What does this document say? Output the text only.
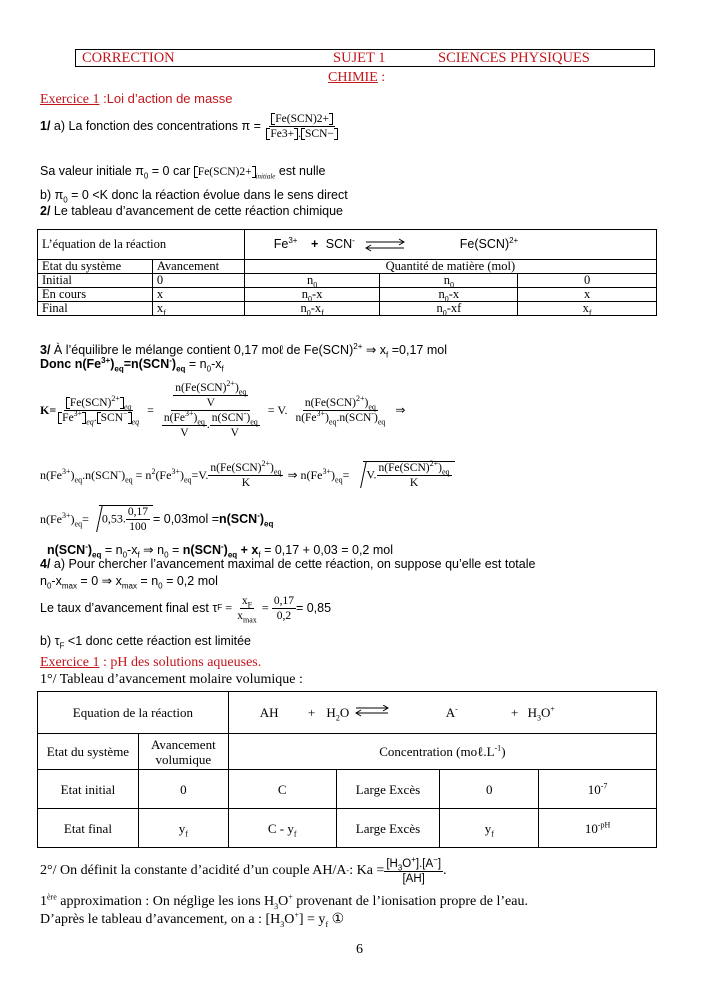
CORRECTION	SUJET 1	SCIENCES PHYSIQUES
CHIMIE :
Exercice 1 :Loi d’action de masse
1/ a) La fonction des concentrations $\pi = \frac{\text{Fe(SCN)2+}}{\text{Fe3+ . SCN−}}$
Sa valeur initiale $\pi_0 = 0$ car Fe(SCN)2+ $_{initiale}$ est nulle
b) $\pi_0 = 0 <K$ donc la réaction évolue dans le sens direct
2/ Le tableau d’avancement de cette réaction chimique
L’équation de la réaction		$Fe^{3+} + SCN^-$ ⇌ Fe(SCN)$^{2+}$
Etat du système	Avancement	Quantité de matière (mol)		
Initial	0	$n_0$	$n_0$	0
En cours	x	$n_0-x$	$n_0-x$	x
Final	$x_f$	$n_0-x_f$	$n_0-xf$	$x_f$
3/ À l’équilibre le mélange contient 0,17 moℓ de Fe(SCN)$^{2+}$ ⇒ $x_f =0,17$ mol
Donc $n(Fe^{3+})_{eq}=n(SCN^-)_{eq} = n_0-x_f$
$K= \frac{Fe(SCN)^{2+}_{eq}}{Fe^{3+}_{eq}. SCN^-_{eq}} = \frac{\frac{n(Fe(SCN)^{2+})_{eq}}{V}}{\frac{n(Fe^{3+})_{eq}}{V} . \frac{n(SCN^-)_{eq}}{V}} = V$. $\frac{n(Fe(SCN)^{2+})_{eq}}{n(Fe^{3+})_{eq}.n(SCN^-)_{eq}}$ ⇒
$n(Fe^{3+})_{eq}.n(SCN^-)_{eq} = n^2(Fe^{3+})_{eq}=V$. $\frac{n(Fe(SCN)^{2+})_{eq}}{K}$ ⇒ $n(Fe^{3+})_{eq}= V$. $\frac{n(Fe(SCN)^{2+})_{eq}}{K}$
$n(Fe^{3+})_{eq}= 0,53$. $\frac{0,17}{100} = 0,03mol = n(SCN$ $^-)_{eq}$
$n(SCN^-)_{eq} = n_0-x_f$ ⇒ $n_0 = n(SCN^-)_{eq} + x_f = 0,17 + 0,03 = 0,2$ mol
4/ a) Pour chercher l’avancement maximal de cette réaction, on suppose qu’elle est totale
$n_0-x_{max} = 0$ ⇒ $x_{max} = n_0 = 0,2$ mol
Le taux d’avancement final est τ $F = \frac{x_F}{x_{max}} = \frac{0,17}{0,2} = 0,85$
b) $\tau_F <1$ donc cette réaction est limitée
Exercice 1 : pH des solutions aqueuses.
1°/ Tableau d’avancement molaire volumique :
Equation de la réaction		AH + $H_2O$ ⇌ $A^- + H_3O^+$
Etat du système	Avancement volumique	Concentration $(mo\ell.L^{-1})$			
Etat initial	0	C	Large Excès	0	$10^{-7}$
Etat final	$y_f$	C - $y_f$	Large Excès	$y_f$	$10^{-pH}$
2°/ On définit la constante d’acidité d’un couple AH/A - : $Ka = \frac{[H_3O^+].[A^-]}{[AH]}$ .
1ère approximation : On néglige les ions $H_3O^+$ provenant de l’ionisation propre de l’eau.
D’après le tableau d’avancement, on a : $[H_3O^+] = y_f$ ①
6
